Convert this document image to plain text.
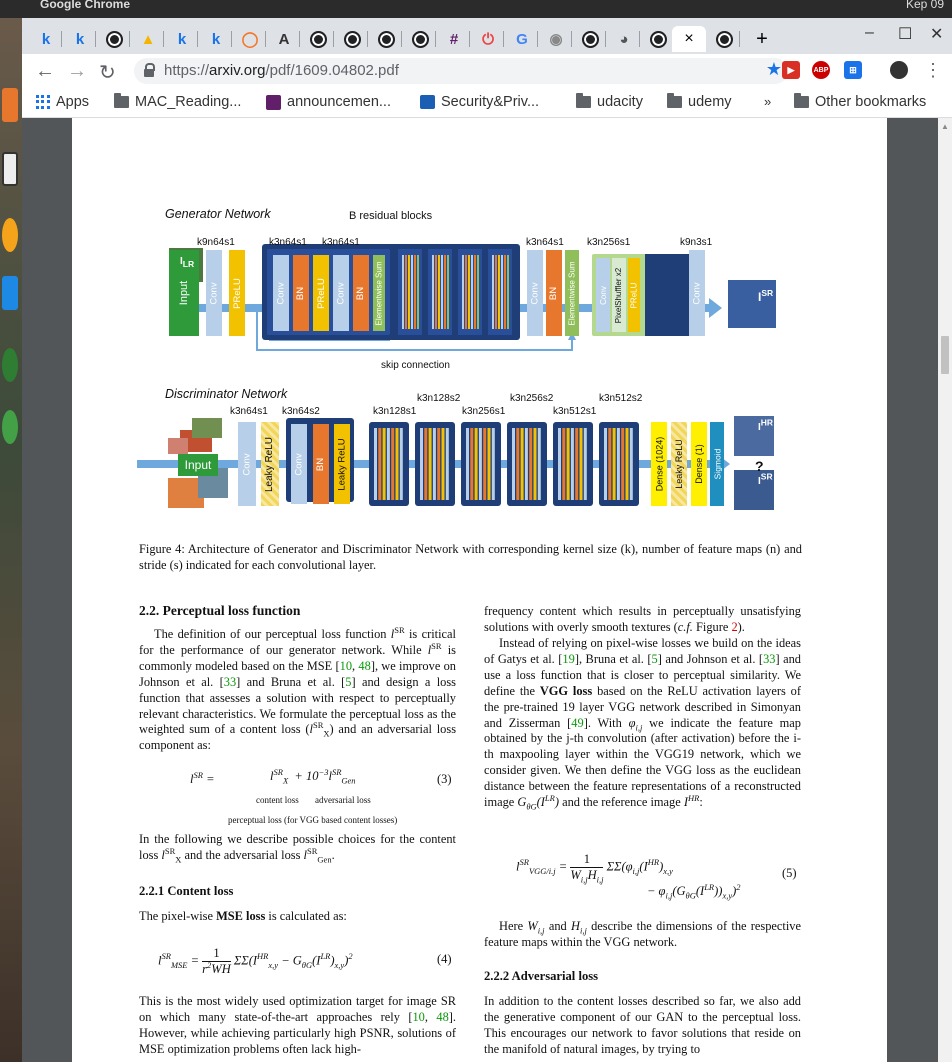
Google Chrome	Kep 09
– ☐ ✕
k k	▲ k k ◯ A	# ⏻ G ◉	◕	×	+
← → ↻	https://arxiv.org/pdf/1609.04802.pdf	★ ▶	ABP	⊞	⋮
Apps	MAC_Reading...	announcemen...	Security&Priv...	udacity	udemy »	Other bookmarks
Generator Network	B residual blocks
k9n64s1	k3n64s1 k3n64s1	k3n64s1 k3n256s1	k9n3s1
skip connection
Input
$I_{LR}$
Conv PReLU	Conv BN PReLU Conv BN Elementwise Sum	Conv BN Elementwise Sum	Conv PixelShuffler x2 PReLU	Conv	$I^{SR}$
Discriminator Network	k3n128s2	k3n256s2	k3n512s2
k3n64s1 k3n64s2	k3n128s1	k3n256s1	k3n512s1
Input	Conv Leaky ReLU Conv BN Leaky ReLU	Dense (1024) Leaky ReLU Dense (1) Sigmoid ?
$I^{HR}$
$I^{SR}$
Figure 4: Architecture of Generator and Discriminator Network with corresponding kernel size (k), number of feature maps (n) and stride (s) indicated for each convolutional layer.
2.2. Perceptual loss function
The definition of our perceptual loss function $l^{SR}$ is critical for the performance of our generator network. While $l^{SR}$ is commonly modeled based on the MSE [10, 48], we improve on Johnson et al. [33] and Bruna et al. [5] and design a loss function that assesses a solution with respect to perceptually relevant characteristics. We formulate the perceptual loss as the weighted sum of a content loss $(l^{SR}_X)$ and an adversarial loss component as:
$l^{SR}$ =	$l^{SR}_X + 10^{-3}l^{SR}_{Gen}$	(3)
content loss adversarial loss
perceptual loss (for VGG based content losses)
In the following we describe possible choices for the content loss $l^{SR}_X$ and the adversarial loss $l^{SR}_{Gen}$.
2.2.1 Content loss
The pixel-wise MSE loss is calculated as:
$l^{SR}_{MSE}$ =
1
$r^2WH$ $\Sigma\Sigma(I^{HR}_{x,y} - G_{\theta G}(I^{LR})_{x,y})^2$	(4)
This is the most widely used optimization target for image SR on which many state-of-the-art approaches rely [10, 48]. However, while achieving particularly high PSNR, solutions of MSE optimization problems often lack high-
frequency content which results in perceptually unsatisfying solutions with overly smooth textures (c.f. Figure 2).
Instead of relying on pixel-wise losses we build on the ideas of Gatys et al. [19], Bruna et al. [5] and Johnson et al. [33] and use a loss function that is closer to perceptual similarity. We define the VGG loss based on the ReLU activation layers of the pre-trained 19 layer VGG network described in Simonyan and Zisserman [49]. With $\varphi_{i,j}$ we indicate the feature map obtained by the j-th convolution (after activation) before the i-th maxpooling layer within the VGG19 network, which we consider given. We then define the VGG loss as the euclidean distance between the feature representations of a reconstructed image $G_{\theta G}(I^{LR})$ and the reference image $I^{HR}$:
$l^{SR}_{VGG/i.j}$ =
1
$W_{i,j}H_{i,j}$ $\Sigma\Sigma(\varphi_{i,j}(I^{HR})_{x,y}$
− $\varphi_{i,j}(G_{\theta G}(I^{LR}))_{x,y})^2$
(5)
Here $W_{i,j}$ and $H_{i,j}$ describe the dimensions of the respective feature maps within the VGG network.
2.2.2 Adversarial loss
In addition to the content losses described so far, we also add the generative component of our GAN to the perceptual loss. This encourages our network to favor solutions that reside on the manifold of natural images, by trying to
▲
